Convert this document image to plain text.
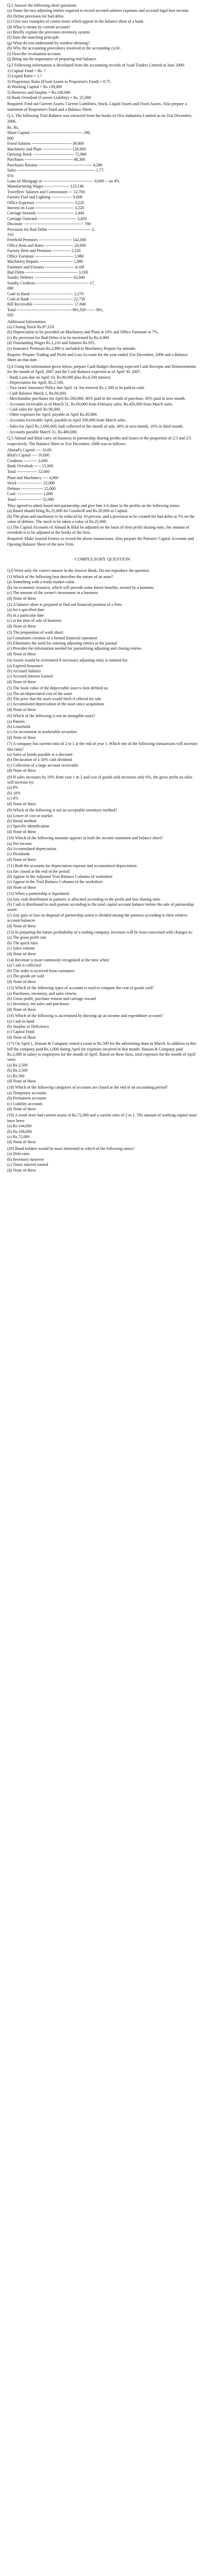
Q.2 Answer the following short questions:
(a) Name the two adjusting entries required to record accrued salaries expenses and accrued legal fees income.
(b) Define provision for bad debts.
(c) Give two examples of contra items which appear in the balance sheet of a bank.
(d) What is meant by current account?
(e) Briefly explain the provision inventory system.
(f) State the matching principle.
(g) What do you understand by window-dressing?
(h) Why the accounting procedures involved in the accounting cycle.
(i) Describe revaluation account.
(j) Bring out the importance of preparing trial balance.
Q.2 Following information is developed from the accounting records of Asad Traders Limited at June 2006:
1) Capital Fund = Rs. ?
2) Liquid Ratio = 1.?
3) Proprietary Ratio (Fixed Assets to Proprietor's Fund) = 0.75
4) Working Capital = Rs.130,000
5) Reserves and Surplus = Rs.100,000
6) Bank Overdraft (Current Liability) = Rs. 25,000
Required: Find out Current Assets, Current Liabilities, Stock, Liquid Assets and Fixed Assets. Also prepare a statement of Proprietor's Fund and a Balance Sheet.
Q.3. The following Trial Balance was extracted from the books of Orix Industries Limited as on 31st December, 2006.
Rs. Rs.
Share Capital -------------------------------------- 280,
000
Fixed Salaries ----------------------------- 39,800
Machinery and Plant --------------------- 128,000
Opening Stock ------------------------------ 72,900
Purchases ----------------------------------- 48,300
Purchases Returns --------------------------------------- 4,290
Sales --------------------------------------------------------- 1,77,
970
Loan on Mortgage at ------------------------------------- 8,000 -- on 4%
Manufacturing Wages ------------------ 123,140
Travellers' Salaries and Commission --- 12,700
Factory Fuel and Lighting --------------- 9,008
Office Expenses ---------------------------- 3,220
Interest on Loan ---------------------------- 3,220
Carriage Inwards --------------------------- 2,440
Carriage Outward ---------------------------- 3,420
Discount -------------------------------------------- 780
Provision for Bad Debts ------------------------------- 2,
310
Freehold Premises ------------------------ 142,000
Office Rent and Rates --------------------- 20,000
Factory Rent and Premises ------------- 2,220
Office Furniture ---------------------------- 5,980
Machinery Repairs ------------------------ 1,980
Furniture and Fixtures --------------------- 4,100
Bad Debts -------------------------------------- 3,100
Sundry Debtors ---------------------------- 62,840
Sundry Creditors -------------------------------------- 17,
080
Cash in Hand ------------------------------- 2,270
Cash at Bank ------------------------------- 22,730
Bill Receivable ----------------------------- 17,840
Total ---------------------------------------- 961,920 ------ 961,
920
Additional Information
(a) Closing Stock Rs.87,210.
(b) Depreciation to be provided on Machinery and Plant at 10% and Office Furniture at 7%.
(c) By provision for Bad Debts is to be increased by Rs.4,000.
(d) Outstanding Wages Rs.1,210 and Salaries Rs.935.
(e) Insurance Premium Rs.2,890 is included in Machinery Repairs by mistake.
Require: Prepare Trading and Profit and Loss Account for the year ended 31st December, 2006 and a Balance Sheet on that date.
Q.4 Using the information given below, prepare Cash Budget showing expected Cash Receipts and Disbursements for the month of April, 2007 and the Cash Balance expected as of April 30, 2007.
- Bank Loan due on April 10, Rs.90,000 plus Rs.4,500 interest.
- Depreciation for April, Rs.2,100.
- Two years' insurance Policy due April 14, for renewal Rs.1,500 to be paid in cash.
- Cash Balance March 1, Rs.60,000.
- Merchandise purchases for April Rs.500,000, 40% paid in the month of purchase, 60% paid in next month.
- Accounts receivable as of March 31, Rs.60,000 from February sales, Rs.450,000 from March sales.
- Cash sales for April Rs.90,000
- Other expenses for April, payable in April Rs.45,000.
- Accounts receivable April, payable in April 200,000 from March sales.
- Sales for April Rs.1,000,000, half collected in the month of sale, 40% in next month, 10% in third month.
- Accounts payable March 31, Rs.460,000.
Q.5 Ahmad and Bilal carry on business in partnership sharing profits and losses in the proportion of 2:3 and 2/5 respectively. The Balance Sheet at 31st December, 2006 was as follows:
Ahmad's Capital ---- 10,00
Bilal's Capital ---- 10,000
Creditors ---------- 2,000
Bank Overdraft ----- 15,000
Total --------------- 52,000
Plant and Machinery ---- 4,000
Stock ------------------ 22,000
Debtors ---------------- 25,000
Cash ------------------- 1,000
Total ------------------ 52,000
They agreed to admit based into partnership and give him 1/4 share in the profits on the following terms:
(a) Based should bring Rs.25,000 for Goodwill and Rs.20,000 as Capital.
(b) The plant and machinery to be reduced by 10 percent, and a provision to be created for bad debts at 5% on the value of debtors. The stock to be taken a value of Rs.25,000.
(c) The Capital Accounts of Ahmad & Bilal be adjusted on the basis of their profit sharing ratio, the amount of overdraft is to be adjusted in the books of the firm.
Required: Make Journal Entries to record the above transactions. Also prepare the Partners' Capital Accounts and Opening Balance Sheet of the new Firm.
COMPULSORY QUESTION
Q.6 Write only the correct answer in the Answer Book. Do not reproduce the question.
(1) Which of the following best describes the nature of an asset?
(a) Something with a ready market value
(b) An economic resource, which will provide some future benefits, owned by a business
(c) The amount of the owner's investment in a business
(d) None of these
(2) A balance sheet is prepared to find out financial position of a firm:
(a) for a specified date
(b) in a particular date
(c) at the time of sale of business
(d) None of these
(3) The preparation of work sheet:
(a) Constitutes creation of a formal financial statement
(b) Eliminates the need for entering adjusting entries in the journal
(c) Provides the information needed for journalizing adjusting and closing entries
(d) None of these
(4) Assets would be overstated if necessary adjusting entry is omitted for:
(a) Expired Insurance
(b) Accrued Salaries
(c) Accrued Interest Earned
(d) None of these
(5) The book value of the depreciable asset is best defined as:
(a) The un-depreciated cost of the asset
(b) The price that the asset would fetch if offered for sale
(c) Accumulated depreciation of the asset since acquisition
(d) None of these
(6) Which of the following is not an intangible asset?
(a) Patents
(b) Leasehold
(c) An investment in marketable securities
(d) None of these
(7) A company has current ratio of 2 to 1 at the end of year 1. Which one of the following transactions will increase this ratio?
(a) Sales of bonds payable at a discount
(b) Declaration of a 10% cash dividend
(c) Collection of a large account receivable
(d) None of these
(8) If sales increases by 10% from year 1 to 2 and cost of goods sold increases only 6%, the gross profit on sales will increase by:
(a) 8%
(b) 10%
(c) 4%
(d) None of these
(9) Which of the following is not an acceptable inventory method?
(a) Lower of cost or market
(b) Retail method
(c) Specific identification
(d) None of these
(10) Which of the following amounts appears in both the income statement and balance sheet?
(a) Net income
(b) Accumulated depreciation
(c) Dividends
(d) None of these
(11) Both the accounts for depreciation expense and accumulated depreciation:
(a) Are closed at the end of the period
(b) Appear in the Adjusted Trial Balance Columns of worksheet
(c) Appear in the Trial Balance Columns of the worksheet
(d) None of these
(12) When a partnership is liquidated:
(a) Any cash distribution to partners is allocated according to the profit and loss sharing ratio
(b) Cash is distributed to each partner according to the total capital account balance before the sale of partnership assets
(c) Any gain or loss on disposal of partnership assets is divided among the partners according to their relative account balances
(d) None of these
(13) In preparing the future profitability of a trading company, investors will be least concerned with changes in:
(a) The gross profit rate
(b) The quick ratio
(c) Sales volume
(d) None of these
(14) Revenue is most commonly recognized at the time when:
(a) Cash is collected
(b) The order is received from customers
(c) The goods are sold
(d) None of these
(15) Which of the following types of accounts is used to compute the cost of goods sold?
(a) Purchases, inventory, and sales returns
(b) Gross profit, purchase returns and carriage inward
(c) Inventory, net sales and purchases
(d) None of these
(16) Which of the following is ascertained by drawing up an income and expenditure account?
(a) Cash in hand
(b) Surplus or Deficiency
(c) Capital Fund
(d) None of these
(17) On April 1, Hassan & Company rented a room to Rs.500 for the advertising done in March. In addition to this bill the company paid Rs.1,000 during April for expenses incurred in that month. Hassan & Company paid Rs.2,000 in salary to employees for the month of April. Based on these facts, total expenses for the month of April were:
(a) Rs.2,500
(b) Rs.3,500
(c) Rs.500
(d) None of these
(18) Which of the following categories of accounts are closed at the end of an accounting period?
(a) Temporary accounts
(b) Permanent accounts
(c) Liability accounts
(d) None of these
(19) A retail store had current assets of Rs.72,000 and a current ratio of 2 to 1. The amount of working capital must have been:
(a) Rs.144,000
(b) Rs.108,000
(c) Rs.72,000
(d) None of these
(20) Bond holders would be most interested in which of the following ratios?
(a) Debt ratio
(b) Inventory turnover
(c) Times interest earned
(d) None of these
